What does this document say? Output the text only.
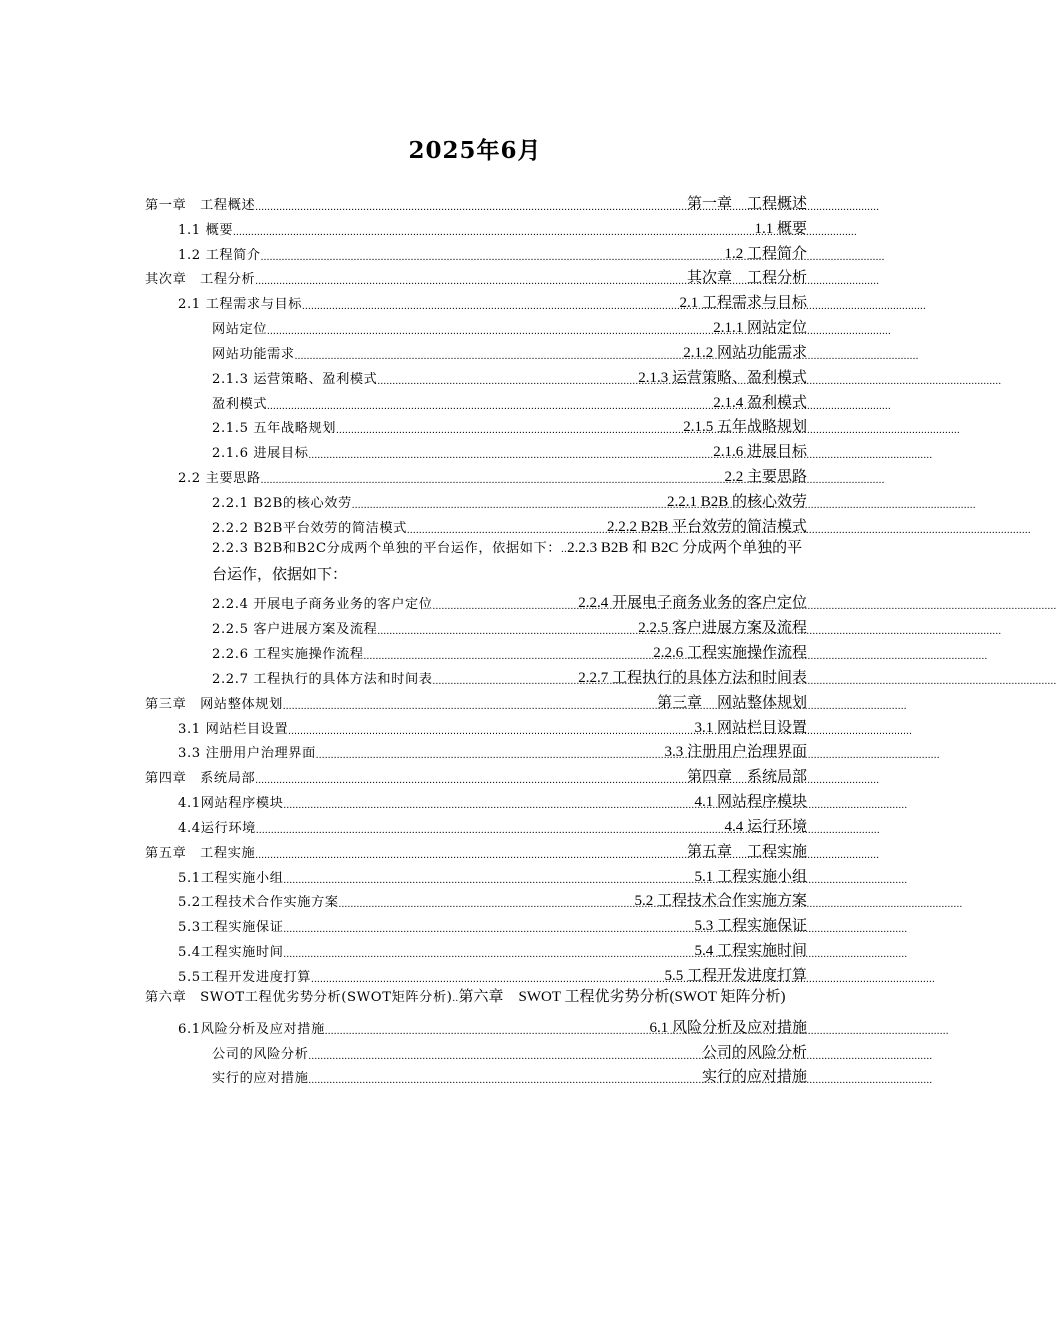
2025年6月
第一章　工程概述 .....	第一章　工程概述
1.1 概要 .....	1.1 概要
1.2 工程简介 .....	1.2 工程简介
其次章　工程分析 .....	其次章　工程分析
2.1 工程需求与目标 .....	2.1 工程需求与目标
网站定位 .....	2.1.1 网站定位
网站功能需求 .....	2.1.2 网站功能需求
2.1.3 运营策略、盈利模式 .....	2.1.3 运营策略、盈利模式
盈利模式 .....	2.1.4 盈利模式
2.1.5 五年战略规划 .....	2.1.5 五年战略规划
2.1.6 进展目标 .....	2.1.6 进展目标
2.2 主要思路 .....	2.2 主要思路
2.2.1 B2B的核心效劳 .....	2.2.1 B2B 的核心效劳
2.2.2 B2B平台效劳的简洁模式 .....	2.2.2 B2B 平台效劳的简洁模式
2.2.3 B2B和B2C分成两个单独的平台运作，依据如下： .. 2.2.3 B2B 和 B2C 分成两个单独的平台运作，依据如下：
2.2.4 开展电子商务业务的客户定位 .....	2.2.4 开展电子商务业务的客户定位
2.2.5 客户进展方案及流程 .....	2.2.5 客户进展方案及流程
2.2.6 工程实施操作流程 .....	2.2.6 工程实施操作流程
2.2.7 工程执行的具体方法和时间表 .....	2.2.7 工程执行的具体方法和时间表
第三章　网站整体规划 .....	第三章　网站整体规划
3.1 网站栏目设置 .....	3.1 网站栏目设置
3.3 注册用户治理界面 .....	3.3 注册用户治理界面
第四章　系统局部 .....	第四章　系统局部
4.1网站程序模块 .....	4.1 网站程序模块
4.4运行环境 .....	4.4 运行环境
第五章　工程实施 .....	第五章　工程实施
5.1工程实施小组 .....	5.1 工程实施小组
5.2工程技术合作实施方案 .....	5.2 工程技术合作实施方案
5.3工程实施保证 .....	5.3 工程实施保证
5.4工程实施时间 .....	5.4 工程实施时间
5.5工程开发进度打算 .....	5.5 工程开发进度打算
第六章　SWOT工程优劣势分析(SWOT矩阵分析) .. 第六章　SWOT 工程优劣势分析(SWOT 矩阵分析)
6.1风险分析及应对措施 .....	6.1 风险分析及应对措施
公司的风险分析 .....	公司的风险分析
实行的应对措施 .....	实行的应对措施
